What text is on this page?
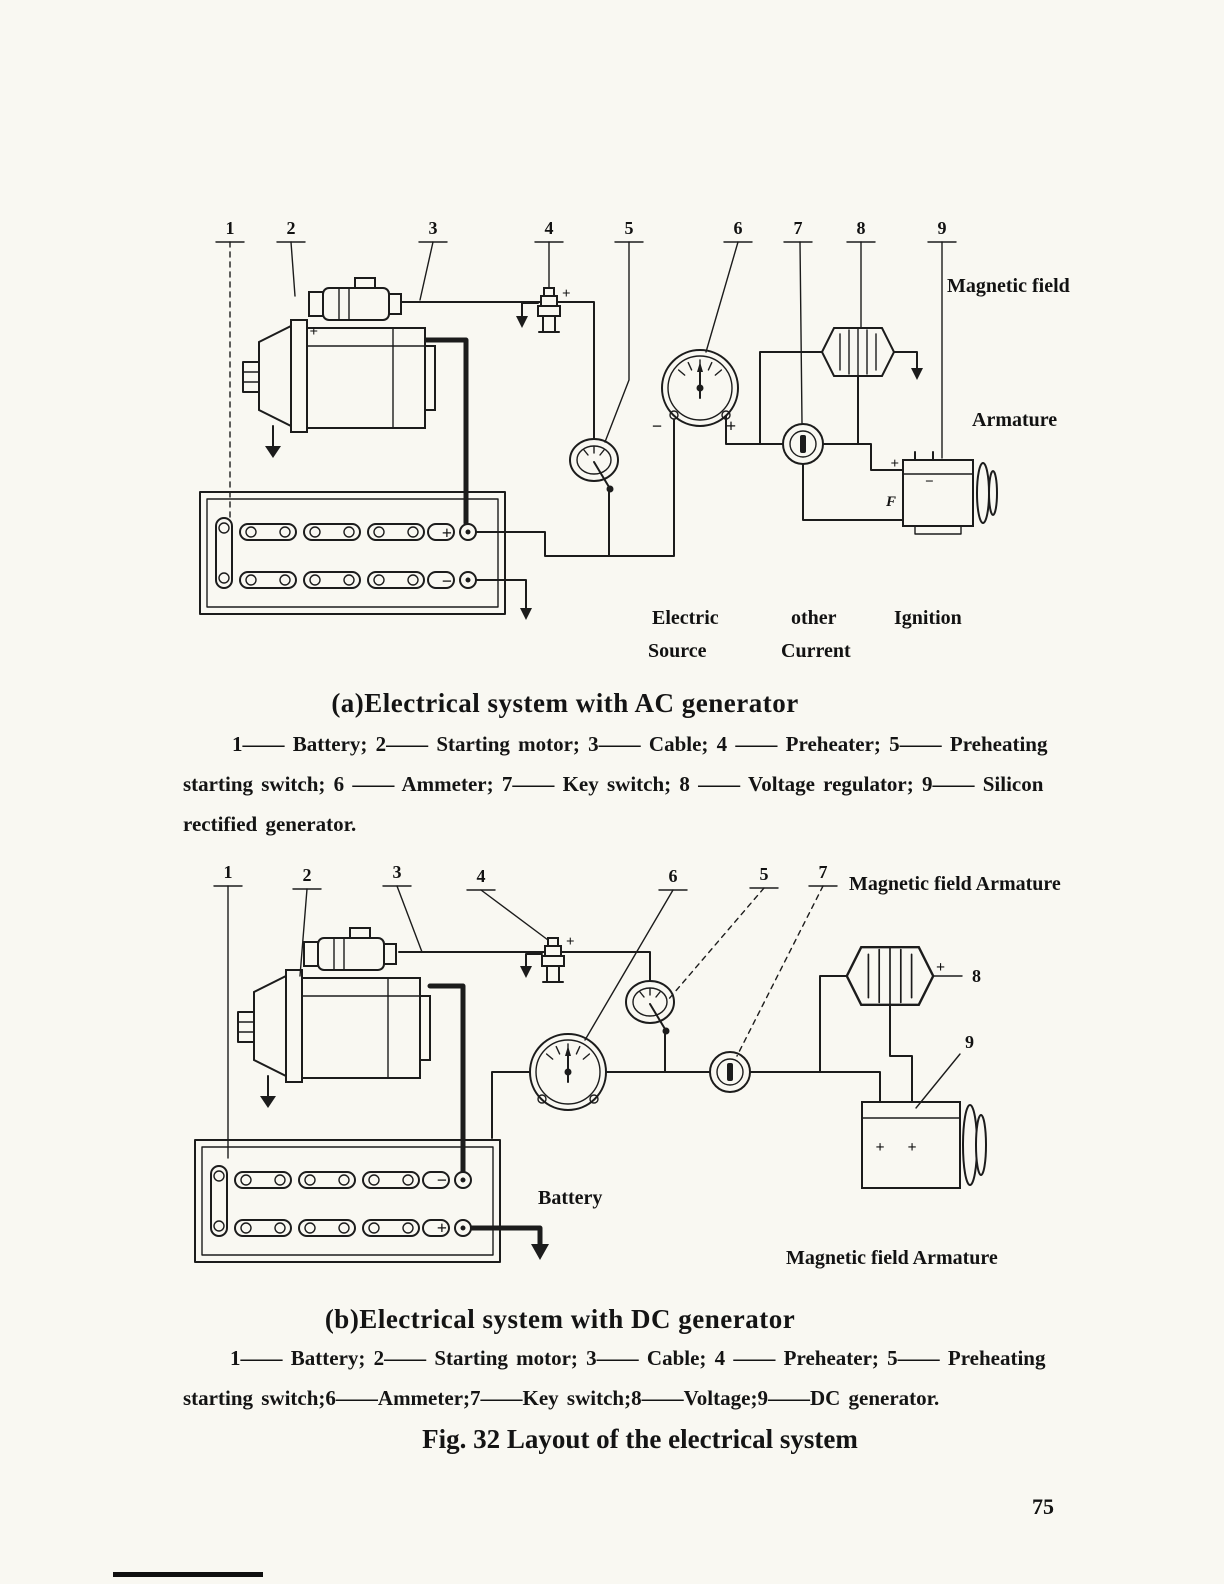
1	2	3	4	5	6	7	8	9
Magnetic field
Armature
Electric
Source
other
Current
Ignition
−	+
+
−
+
−
F
+
+
1	2	3	4	6	5	7
8
9
Magnetic field Armature
Battery
Magnetic field Armature
−
+
+ +
+
+
(a)Electrical system with AC generator
1—— Battery; 2—— Starting motor; 3—— Cable; 4 —— Preheater; 5—— Preheating
starting switch; 6 —— Ammeter; 7—— Key switch; 8 —— Voltage regulator; 9—— Silicon
rectified generator.
(b)Electrical system with DC generator
1—— Battery; 2—— Starting motor; 3—— Cable; 4 —— Preheater; 5—— Preheating
starting switch;6——Ammeter;7——Key switch;8——Voltage;9——DC generator.
Fig. 32 Layout of the electrical system
75
